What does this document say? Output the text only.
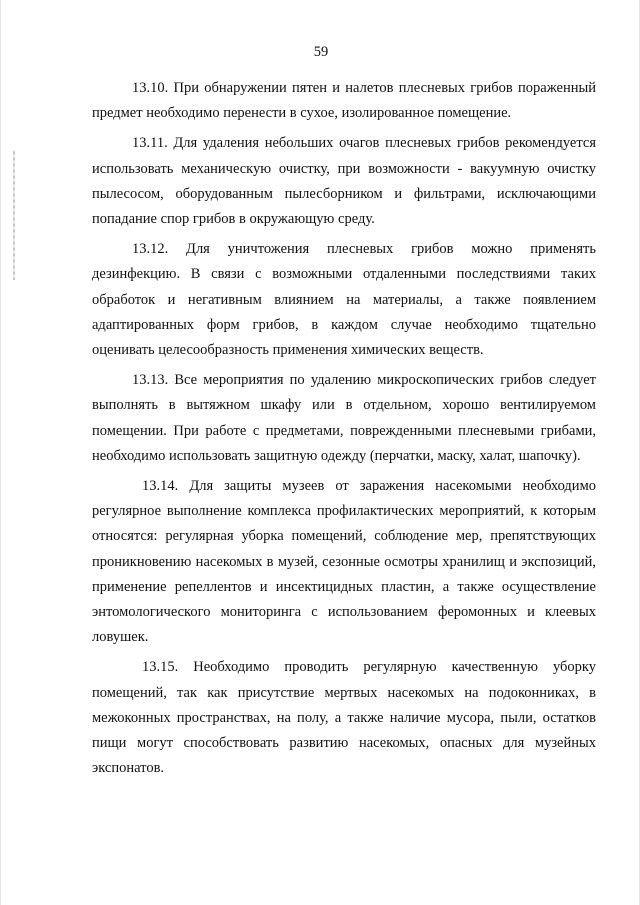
59

13.10. При обнаружении пятен и налетов плесневых грибов пораженный предмет необходимо перенести в сухое, изолированное помещение.

13.11. Для удаления небольших очагов плесневых грибов рекомендуется использовать механическую очистку, при возможности - вакуумную очистку пылесосом, оборудованным пылесборником и фильтрами, исключающими попадание спор грибов в окружающую среду.

13.12. Для уничтожения плесневых грибов можно применять дезинфекцию. В связи с возможными отдаленными последствиями таких обработок и негативным влиянием на материалы, а также появлением адаптированных форм грибов, в каждом случае необходимо тщательно оценивать целесообразность применения химических веществ.

13.13. Все мероприятия по удалению микроскопических грибов следует выполнять в вытяжном шкафу или в отдельном, хорошо вентилируемом помещении. При работе с предметами, поврежденными плесневыми грибами, необходимо использовать защитную одежду (перчатки, маску, халат, шапочку).

13.14. Для защиты музеев от заражения насекомыми необходимо регулярное выполнение комплекса профилактических мероприятий, к которым относятся: регулярная уборка помещений, соблюдение мер, препятствующих проникновению насекомых в музей, сезонные осмотры хранилищ и экспозиций, применение репеллентов и инсектицидных пластин, а также осуществление энтомологического мониторинга с использованием феромонных и клеевых ловушек.

13.15. Необходимо проводить регулярную качественную уборку помещений, так как присутствие мертвых насекомых на подоконниках, в межоконных пространствах, на полу, а также наличие мусора, пыли, остатков пищи могут способствовать развитию насекомых, опасных для музейных экспонатов.
